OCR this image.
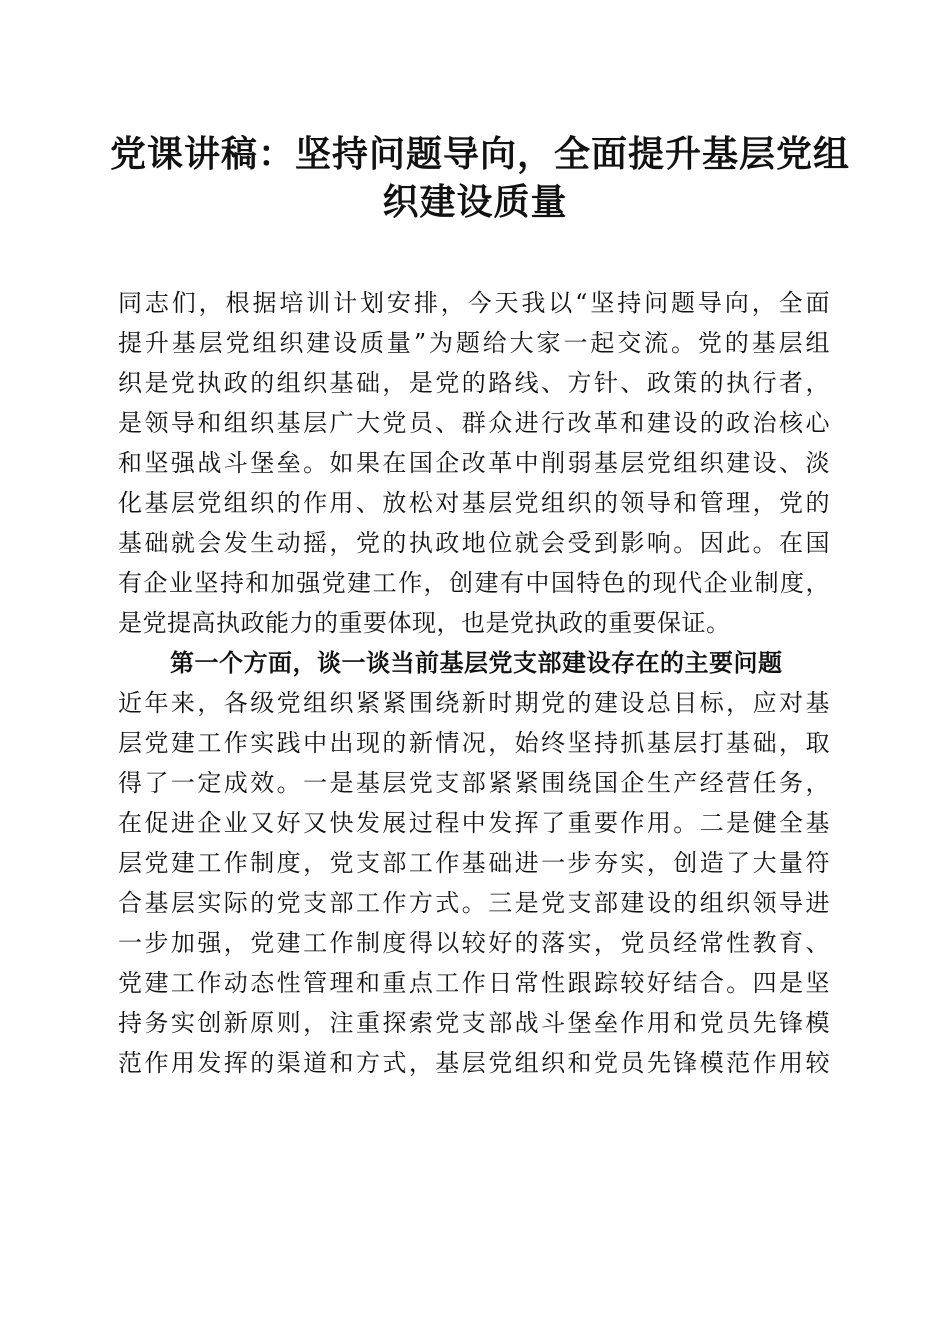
党课讲稿：坚持问题导向，全面提升基层党组
织建设质量
同志们，根据培训计划安排，今天我以“坚持问题导向，全面
提升基层党组织建设质量”为题给大家一起交流。党的基层组
织是党执政的组织基础，是党的路线、方针、政策的执行者，
是领导和组织基层广大党员、群众进行改革和建设的政治核心
和坚强战斗堡垒。如果在国企改革中削弱基层党组织建设、淡
化基层党组织的作用、放松对基层党组织的领导和管理，党的
基础就会发生动摇，党的执政地位就会受到影响。因此。在国
有企业坚持和加强党建工作，创建有中国特色的现代企业制度，
是党提高执政能力的重要体现，也是党执政的重要保证。
第一个方面，谈一谈当前基层党支部建设存在的主要问题
近年来，各级党组织紧紧围绕新时期党的建设总目标，应对基
层党建工作实践中出现的新情况，始终坚持抓基层打基础，取
得了一定成效。一是基层党支部紧紧围绕国企生产经营任务，
在促进企业又好又快发展过程中发挥了重要作用。二是健全基
层党建工作制度，党支部工作基础进一步夯实，创造了大量符
合基层实际的党支部工作方式。三是党支部建设的组织领导进
一步加强，党建工作制度得以较好的落实，党员经常性教育、
党建工作动态性管理和重点工作日常性跟踪较好结合。四是坚
持务实创新原则，注重探索党支部战斗堡垒作用和党员先锋模
范作用发挥的渠道和方式，基层党组织和党员先锋模范作用较
